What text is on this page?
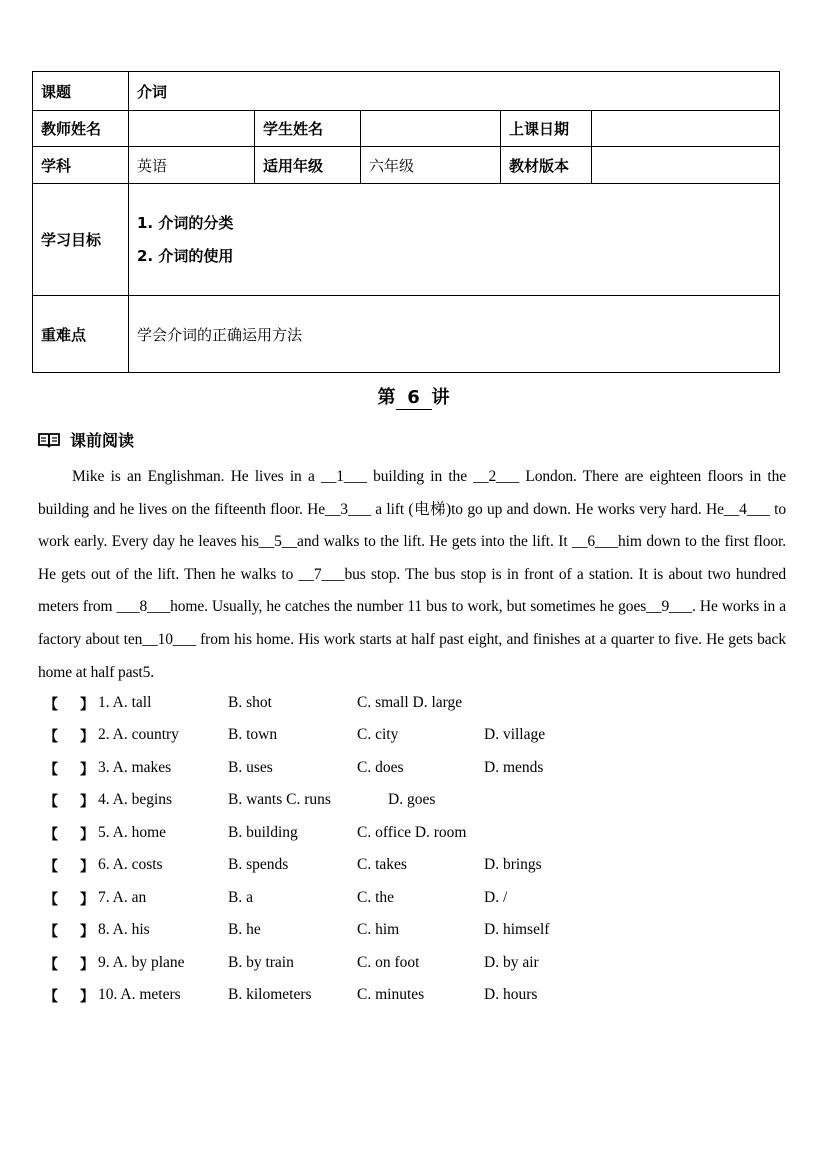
课题	介词				
教师姓名		学生姓名		上课日期	
学科	英语	适用年级	六年级	教材版本	
学习目标	1. 介词的分类
2. 介词的使用				

重难点	学会介词的正确运用方法				
第 6 讲
课前阅读
Mike is an Englishman. He lives in a __1___ building in the __2___ London. There are eighteen floors in the building and he lives on the fifteenth floor. He__3___ a lift (电梯)to go up and down. He works very hard. He__4___ to work early. Every day he leaves his__5__and walks to the lift. He gets into the lift. It __6___him down to the first floor. He gets out of the lift. Then he walks to __7___bus stop. The bus stop is in front of a station. It is about two hundred meters from ___8___home. Usually, he catches the number 11 bus to work, but sometimes he goes__9___. He works in a factory about ten__10___ from his home. His work starts at half past eight, and finishes at a quarter to five. He gets back home at half past5.
【 】 1. A. tall	B. shot	C. small D. large
【 】 2. A. country	B. town	C. city	D. village
【 】 3. A. makes	B. uses	C. does	D. mends
【 】 4. A. begins	B. wants C. runs	D. goes
【 】 5. A. home	B. building	C. office D. room
【 】 6. A. costs	B. spends	C. takes	D. brings
【 】 7. A. an	B. a	C. the	D. /
【 】 8. A. his	B. he	C. him	D. himself
【 】 9. A. by plane	B. by train	C. on foot	D. by air
【 】 10. A. meters	B. kilometers	C. minutes	D. hours
